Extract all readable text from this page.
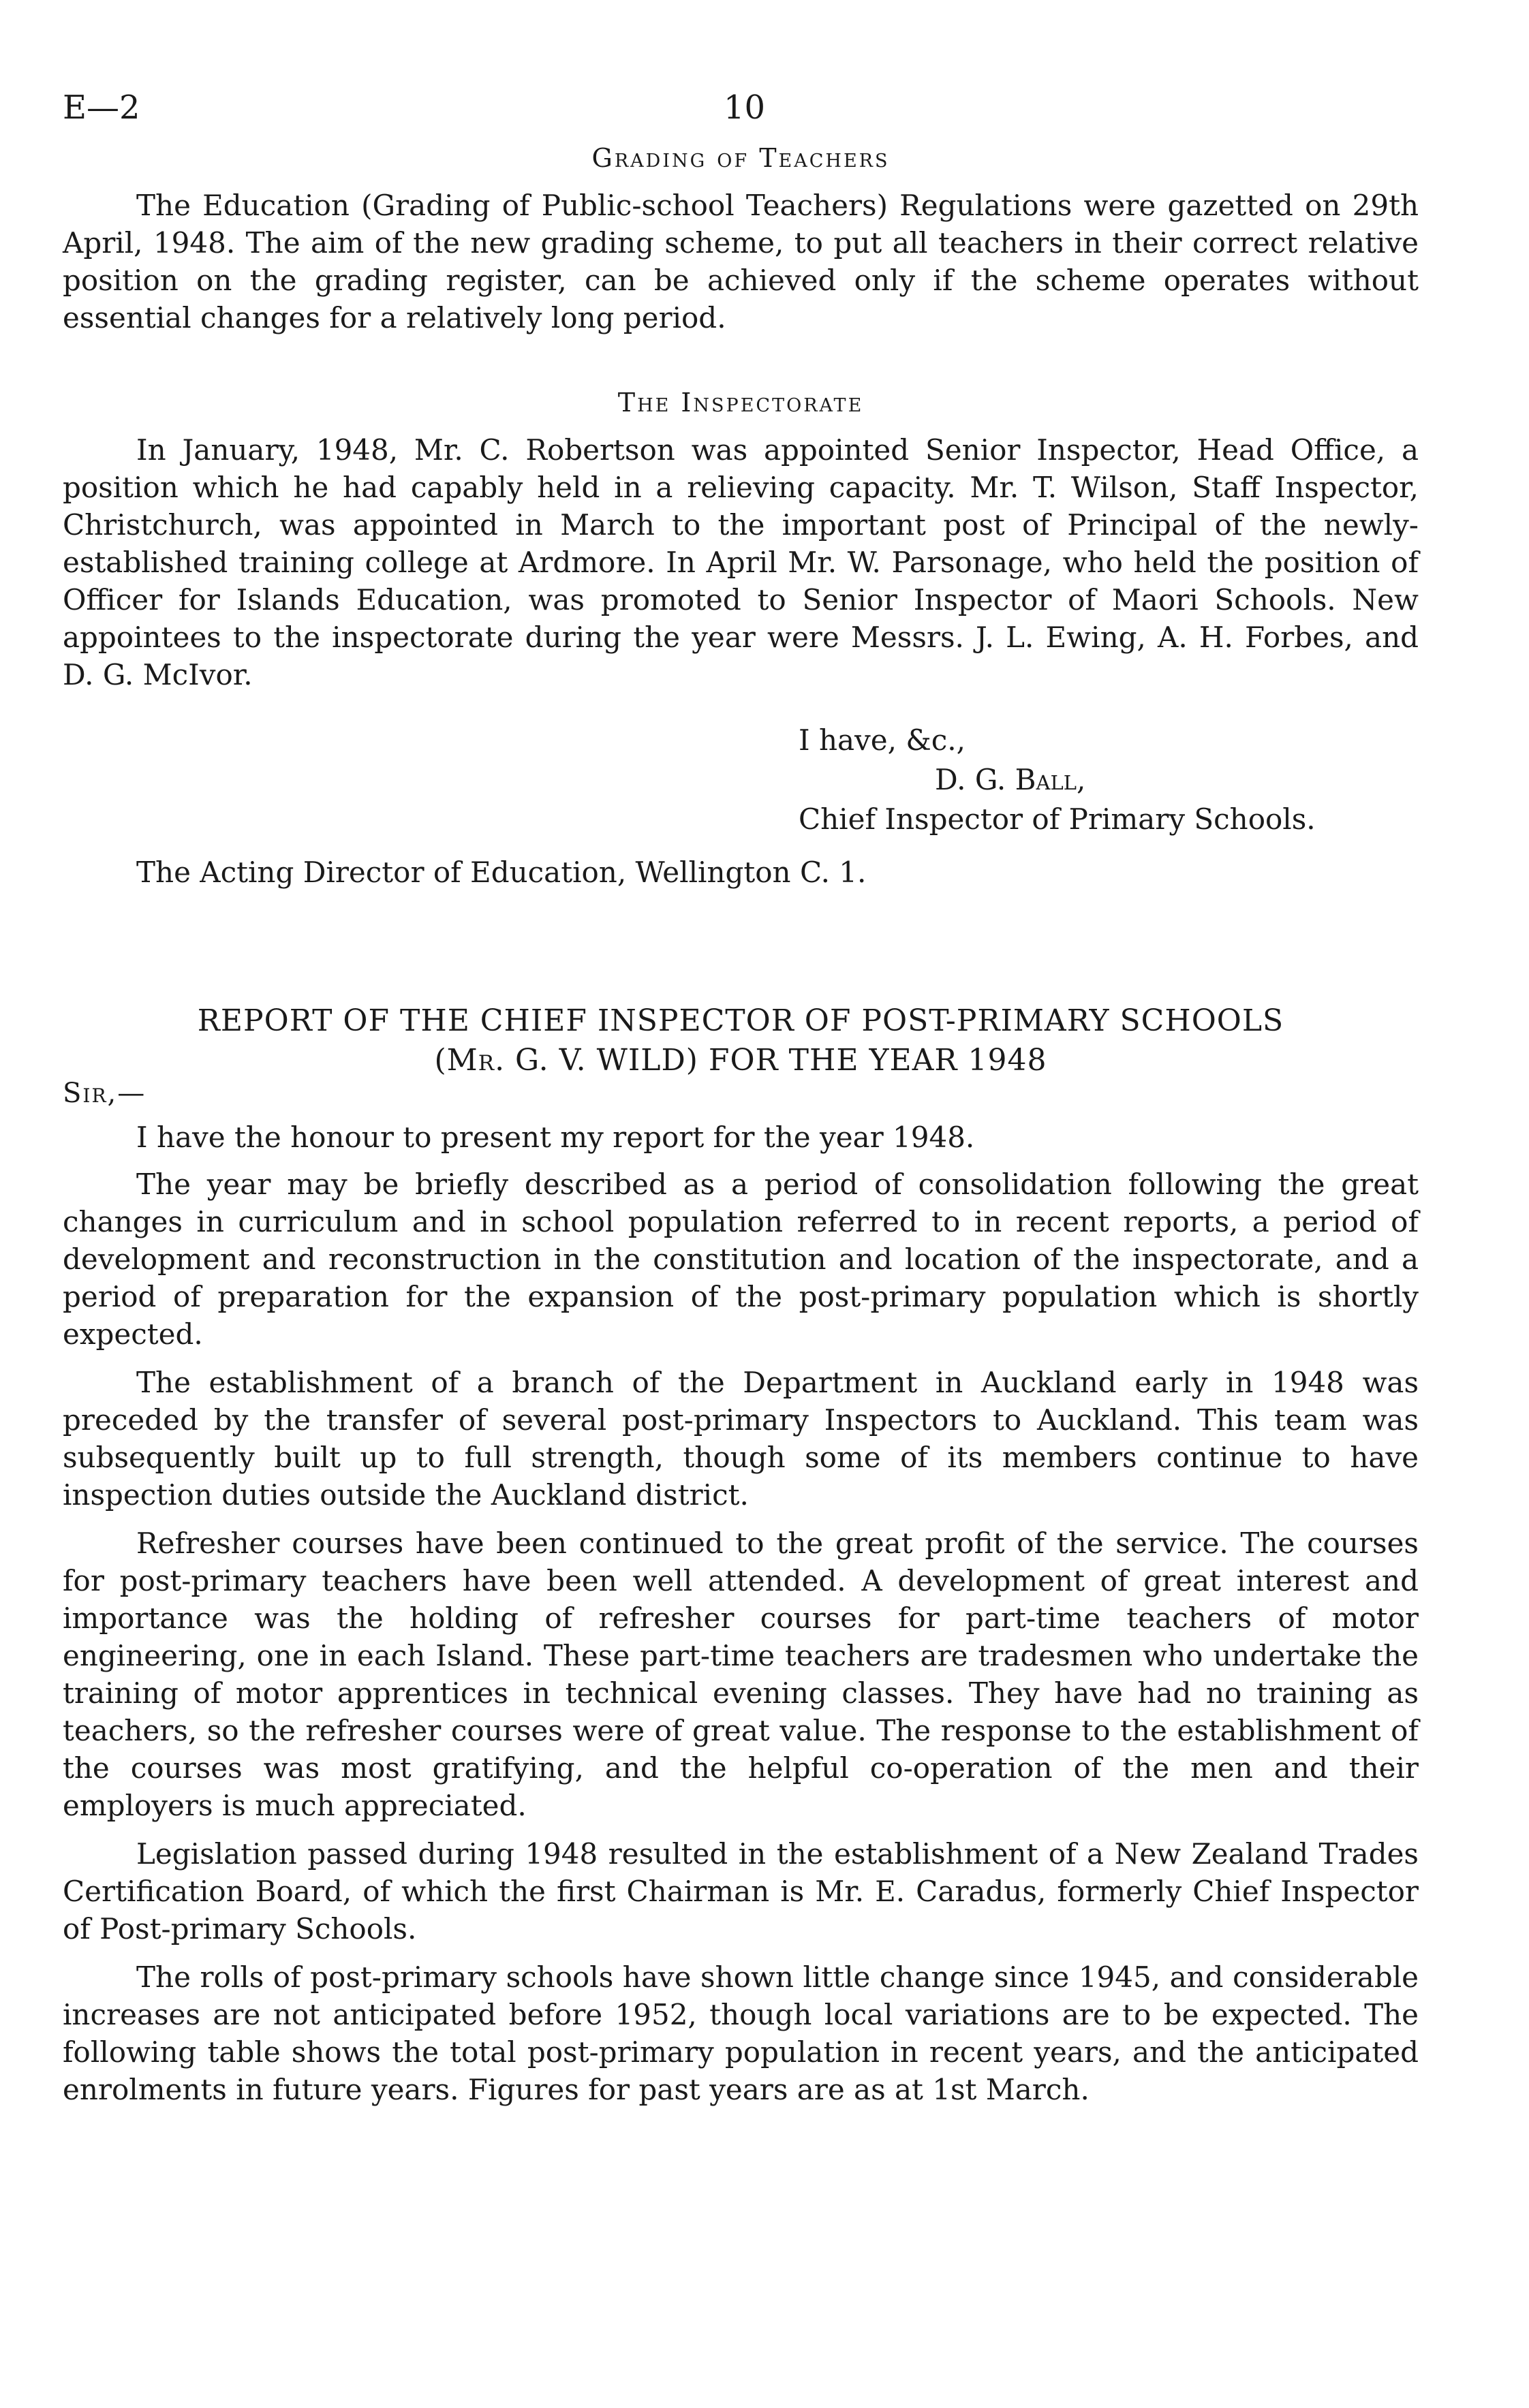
E—2	10
Grading of Teachers

The Education (Grading of Public-school Teachers) Regulations were gazetted on 29th April, 1948. The aim of the new grading scheme, to put all teachers in their correct relative position on the grading register, can be achieved only if the scheme operates without essential changes for a relatively long period.

The Inspectorate

In January, 1948, Mr. C. Robertson was appointed Senior Inspector, Head Office, a position which he had capably held in a relieving capacity. Mr. T. Wilson, Staff Inspector, Christchurch, was appointed in March to the important post of Principal of the newly-established training college at Ardmore. In April Mr. W. Parsonage, who held the position of Officer for Islands Education, was promoted to Senior Inspector of Maori Schools. New appointees to the inspectorate during the year were Messrs. J. L. Ewing, A. H. Forbes, and D. G. McIvor.

I have, &c.,
D. G. Ball,
Chief Inspector of Primary Schools.
The Acting Director of Education, Wellington C. 1.
REPORT OF THE CHIEF INSPECTOR OF POST-PRIMARY SCHOOLS
(Mr. G. V. WILD) FOR THE YEAR 1948
Sir,—

I have the honour to present my report for the year 1948.

The year may be briefly described as a period of consolidation following the great changes in curriculum and in school population referred to in recent reports, a period of development and reconstruction in the constitution and location of the inspectorate, and a period of preparation for the expansion of the post-primary population which is shortly expected.

The establishment of a branch of the Department in Auckland early in 1948 was preceded by the transfer of several post-primary Inspectors to Auckland. This team was subsequently built up to full strength, though some of its members continue to have inspection duties outside the Auckland district.

Refresher courses have been continued to the great profit of the service. The courses for post-primary teachers have been well attended. A development of great interest and importance was the holding of refresher courses for part-time teachers of motor engineering, one in each Island. These part-time teachers are tradesmen who undertake the training of motor apprentices in technical evening classes. They have had no training as teachers, so the refresher courses were of great value. The response to the establishment of the courses was most gratifying, and the helpful co-operation of the men and their employers is much appreciated.

Legislation passed during 1948 resulted in the establishment of a New Zealand Trades Certification Board, of which the first Chairman is Mr. E. Caradus, formerly Chief Inspector of Post-primary Schools.

The rolls of post-primary schools have shown little change since 1945, and considerable increases are not anticipated before 1952, though local variations are to be expected. The following table shows the total post-primary population in recent years, and the anticipated enrolments in future years. Figures for past years are as at 1st March.
